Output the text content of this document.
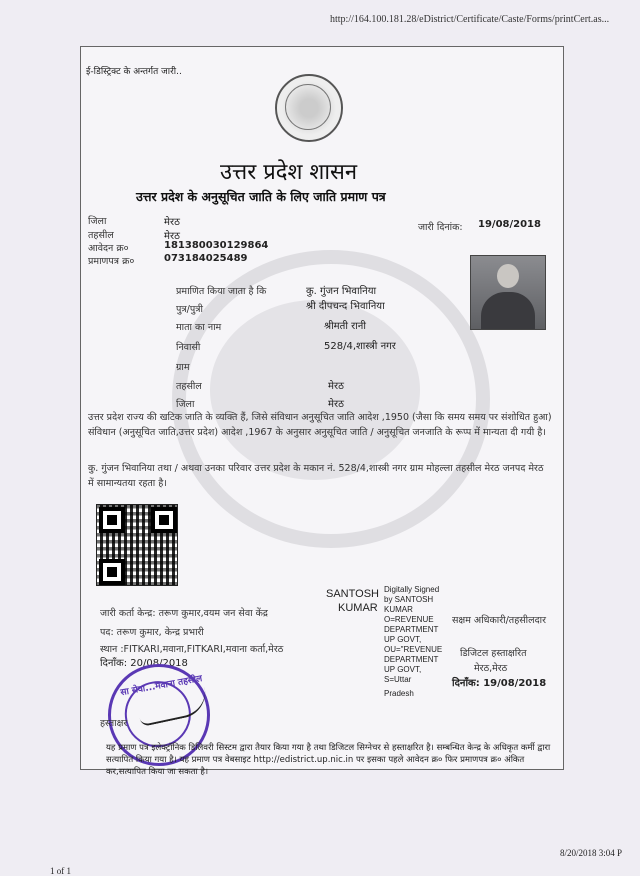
http://164.100.181.28/eDistrict/Certificate/Caste/Forms/printCert.as...
ई-डिस्ट्रिक्ट के अन्तर्गत जारी..
उत्तर प्रदेश शासन
उत्तर प्रदेश के अनुसूचित जाति के लिए जाति प्रमाण पत्र
जिला	मेरठ
तहसील	मेरठ
आवेदन क्र०	181380030129864
प्रमाणपत्र क्र०	073184025489
जारी दिनांक: 19/08/2018
प्रमाणित किया जाता है कि	कु. गुंजन भिवानिया
पुत्र/पुत्री	श्री दीपचन्द भिवानिया
माता का नाम	श्रीमती रानी
निवासी	528/4,शास्त्री नगर
ग्राम
तहसील	मेरठ
जिला	मेरठ
उत्तर प्रदेश राज्य की खटिक जाति के व्यक्ति हैं, जिसे संविधान अनुसूचित जाति आदेश ,1950 (जैसा कि समय समय पर संशोधित हुआ) संविधान (अनुसूचित जाति,उत्तर प्रदेश) आदेश ,1967 के अनुसार अनुसूचित जाति / अनुसूचित जनजाति के रूप्प में मान्यता दी गयी है।
कु. गुंजन भिवानिया तथा / अथवा उनका परिवार उत्तर प्रदेश के मकान नं. 528/4,शास्त्री नगर ग्राम मोहल्ला तहसील मेरठ जनपद मेरठ में सामान्यतया रहता है।
SANTOSH
KUMAR
Digitally Signed
by SANTOSH
KUMAR
O=REVENUE
DEPARTMENT
UP GOVT,
OU="REVENUE
DEPARTMENT
UP GOVT,
S=Uttar
Pradesh
जारी कर्ता केन्द्र: तरूण कुमार,वयम जन सेवा केंद्र
पद: तरूण कुमार, केन्द्र प्रभारी
स्थान :FITKARI,मवाना,FITKARI,मवाना कर्ता,मेरठ
दिनाँक: 20/08/2018
सक्षम अधिकारी/तहसीलदार
डिजिटल हस्ताक्षरित
मेरठ,मेरठ
दिनाँक: 19/08/2018
सा सेवा...मवाना तहसील
हस्ताक्षर
यह प्रमाण पत्र इलेक्ट्रॉनिक डिलिवरी सिस्टम द्वारा तैयार किया गया है तथा डिजिटल सिग्नेचर से हस्ताक्षरित है। सम्बन्धित केन्द्र के अधिकृत कर्मी द्वारा सत्यापित किया गया है। यह प्रमाण पत्र वेबसाइट http://edistrict.up.nic.in पर इसका पहले आवेदन क्र० फिर प्रमाणपत्र क्र० अंकित कर,सत्यापित किया जा सकता है।
1 of 1
8/20/2018 3:04 P
